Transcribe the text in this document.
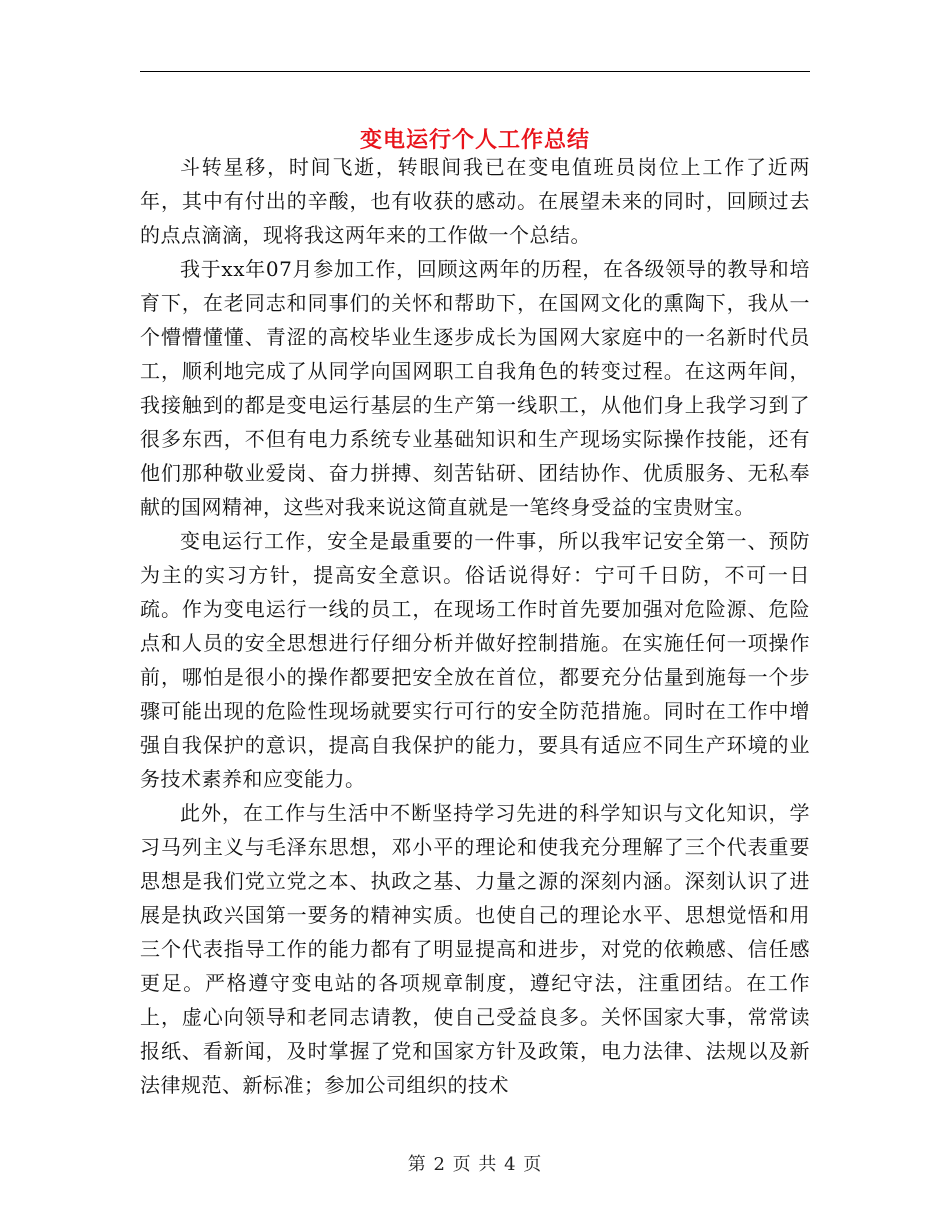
变电运行个人工作总结

斗转星移，时间飞逝，转眼间我已在变电值班员岗位上工作了近两年，其中有付出的辛酸，也有收获的感动。在展望未来的同时，回顾过去的点点滴滴，现将我这两年来的工作做一个总结。

我于xx年07月参加工作，回顾这两年的历程，在各级领导的教导和培育下，在老同志和同事们的关怀和帮助下，在国网文化的熏陶下，我从一个懵懵懂懂、青涩的高校毕业生逐步成长为国网大家庭中的一名新时代员工，顺利地完成了从同学向国网职工自我角色的转变过程。在这两年间，我接触到的都是变电运行基层的生产第一线职工，从他们身上我学习到了很多东西，不但有电力系统专业基础知识和生产现场实际操作技能，还有他们那种敬业爱岗、奋力拼搏、刻苦钻研、团结协作、优质服务、无私奉献的国网精神，这些对我来说这简直就是一笔终身受益的宝贵财宝。

变电运行工作，安全是最重要的一件事，所以我牢记安全第一、预防为主的实习方针，提高安全意识。俗话说得好：宁可千日防，不可一日疏。作为变电运行一线的员工，在现场工作时首先要加强对危险源、危险点和人员的安全思想进行仔细分析并做好控制措施。在实施任何一项操作前，哪怕是很小的操作都要把安全放在首位，都要充分估量到施每一个步骤可能出现的危险性现场就要实行可行的安全防范措施。同时在工作中增强自我保护的意识，提高自我保护的能力，要具有适应不同生产环境的业务技术素养和应变能力。

此外，在工作与生活中不断坚持学习先进的科学知识与文化知识，学习马列主义与毛泽东思想，邓小平的理论和使我充分理解了三个代表重要思想是我们党立党之本、执政之基、力量之源的深刻内涵。深刻认识了进展是执政兴国第一要务的精神实质。也使自己的理论水平、思想觉悟和用三个代表指导工作的能力都有了明显提高和进步，对党的依赖感、信任感更足。严格遵守变电站的各项规章制度，遵纪守法，注重团结。在工作上，虚心向领导和老同志请教，使自己受益良多。关怀国家大事，常常读报纸、看新闻，及时掌握了党和国家方针及政策，电力法律、法规以及新法律规范、新标准；参加公司组织的技术

第 2 页 共 4 页
